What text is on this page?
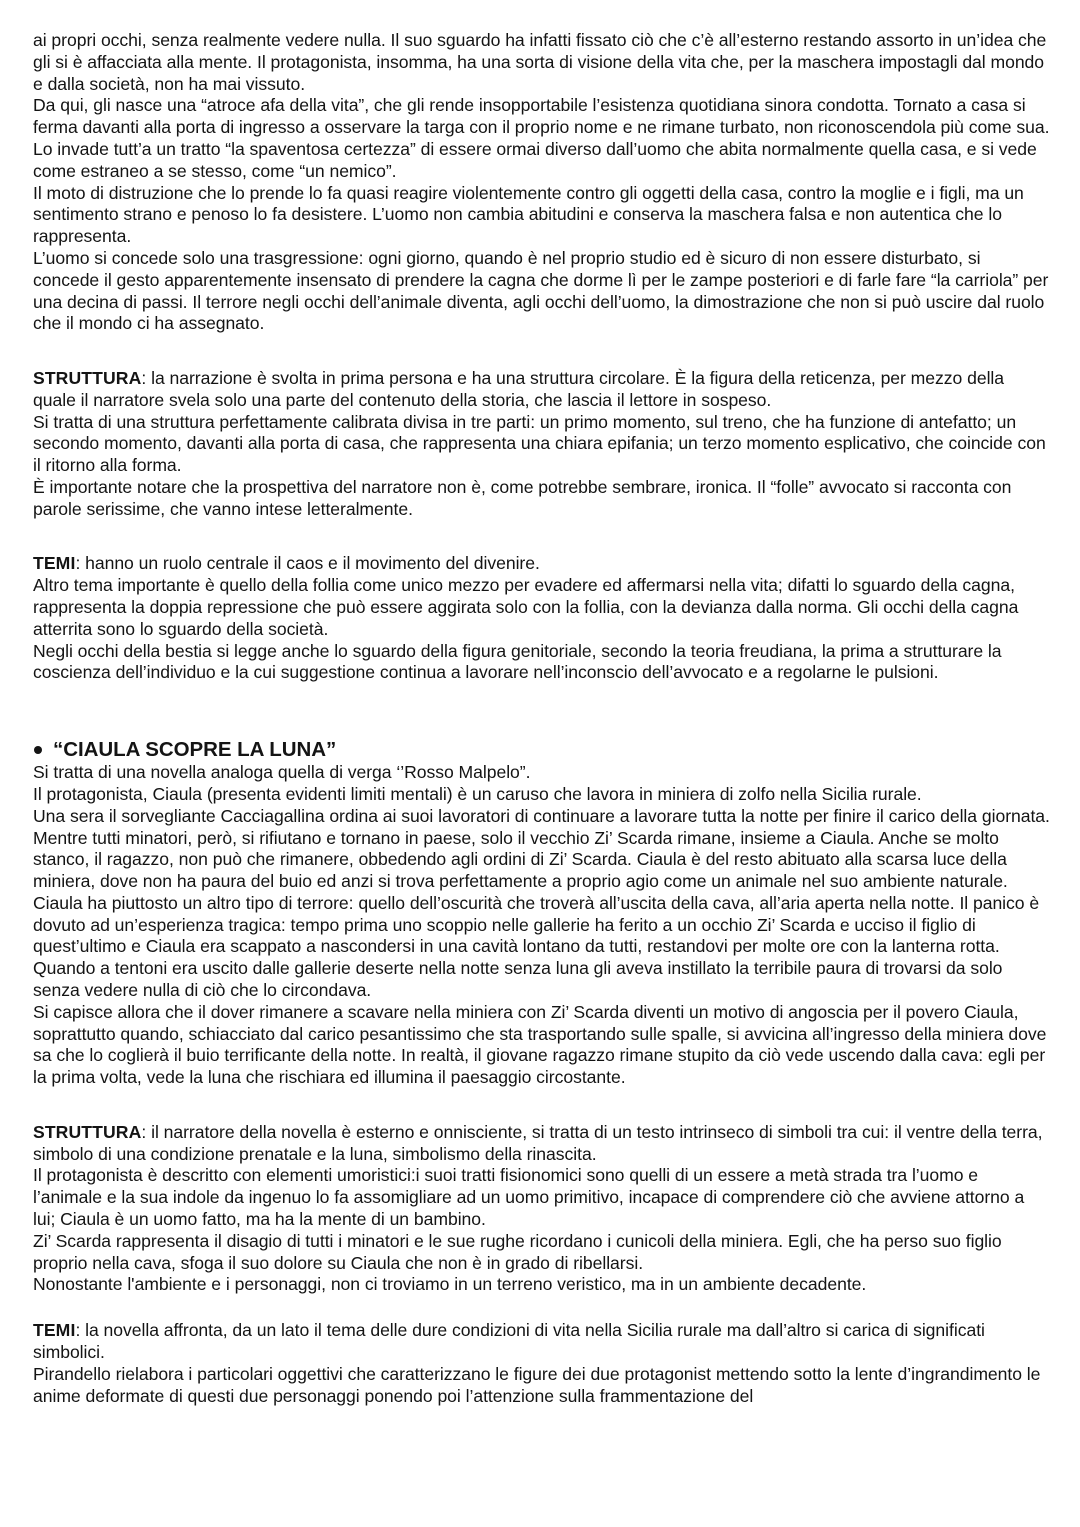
ai propri occhi, senza realmente vedere nulla. Il suo sguardo ha infatti fissato ciò che c’è all’esterno restando assorto in un’idea che gli si è affacciata alla mente. Il protagonista, insomma, ha una sorta di visione della vita che, per la maschera impostagli dal mondo e dalla società, non ha mai vissuto.

Da qui, gli nasce una “atroce afa della vita”, che gli rende insopportabile l’esistenza quotidiana sinora condotta. Tornato a casa si ferma davanti alla porta di ingresso a osservare la targa con il proprio nome e ne rimane turbato, non riconoscendola più come sua. Lo invade tutt’a un tratto “la spaventosa certezza” di essere ormai diverso dall’uomo che abita normalmente quella casa, e si vede come estraneo a se stesso, come “un nemico”.

Il moto di distruzione che lo prende lo fa quasi reagire violentemente contro gli oggetti della casa, contro la moglie e i figli, ma un sentimento strano e penoso lo fa desistere. L’uomo non cambia abitudini e conserva la maschera falsa e non autentica che lo rappresenta.

L’uomo si concede solo una trasgressione: ogni giorno, quando è nel proprio studio ed è sicuro di non essere disturbato, si concede il gesto apparentemente insensato di prendere la cagna che dorme lì per le zampe posteriori e di farle fare “la carriola” per una decina di passi. Il terrore negli occhi dell’animale diventa, agli occhi dell’uomo, la dimostrazione che non si può uscire dal ruolo che il mondo ci ha assegnato.

STRUTTURA: la narrazione è svolta in prima persona e ha una struttura circolare. È la figura della reticenza, per mezzo della quale il narratore svela solo una parte del contenuto della storia, che lascia il lettore in sospeso.

Si tratta di una struttura perfettamente calibrata divisa in tre parti: un primo momento, sul treno, che ha funzione di antefatto; un secondo momento, davanti alla porta di casa, che rappresenta una chiara epifania; un terzo momento esplicativo, che coincide con il ritorno alla forma.

È importante notare che la prospettiva del narratore non è, come potrebbe sembrare, ironica. Il “folle” avvocato si racconta con parole serissime, che vanno intese letteralmente.

TEMI: hanno un ruolo centrale il caos e il movimento del divenire.

Altro tema importante è quello della follia come unico mezzo per evadere ed affermarsi nella vita; difatti lo sguardo della cagna, rappresenta la doppia repressione che può essere aggirata solo con la follia, con la devianza dalla norma. Gli occhi della cagna atterrita sono lo sguardo della società.

Negli occhi della bestia si legge anche lo sguardo della figura genitoriale, secondo la teoria freudiana, la prima a strutturare la coscienza dell’individuo e la cui suggestione continua a lavorare nell’inconscio dell’avvocato e a regolarne le pulsioni.

“CIAULA SCOPRE LA LUNA”

Si tratta di una novella analoga quella di verga ‘’Rosso Malpelo”.

Il protagonista, Ciaula (presenta evidenti limiti mentali) è un caruso che lavora in miniera di zolfo nella Sicilia rurale.

Una sera il sorvegliante Cacciagallina ordina ai suoi lavoratori di continuare a lavorare tutta la notte per finire il carico della giornata. Mentre tutti minatori, però, si rifiutano e tornano in paese, solo il vecchio Zi’ Scarda rimane, insieme a Ciaula. Anche se molto stanco, il ragazzo, non può che rimanere, obbedendo agli ordini di Zi’ Scarda. Ciaula è del resto abituato alla scarsa luce della miniera, dove non ha paura del buio ed anzi si trova perfettamente a proprio agio come un animale nel suo ambiente naturale.

Ciaula ha piuttosto un altro tipo di terrore: quello dell’oscurità che troverà all’uscita della cava, all’aria aperta nella notte. Il panico è dovuto ad un’esperienza tragica: tempo prima uno scoppio nelle gallerie ha ferito a un occhio Zi’ Scarda e ucciso il figlio di quest’ultimo e Ciaula era scappato a nascondersi in una cavità lontano da tutti, restandovi per molte ore con la lanterna rotta. Quando a tentoni era uscito dalle gallerie deserte nella notte senza luna gli aveva instillato la terribile paura di trovarsi da solo senza vedere nulla di ciò che lo circondava.

Si capisce allora che il dover rimanere a scavare nella miniera con Zi’ Scarda diventi un motivo di angoscia per il povero Ciaula, soprattutto quando, schiacciato dal carico pesantissimo che sta trasportando sulle spalle, si avvicina all’ingresso della miniera dove sa che lo coglierà il buio terrificante della notte. In realtà, il giovane ragazzo rimane stupito da ciò vede uscendo dalla cava: egli per la prima volta, vede la luna che rischiara ed illumina il paesaggio circostante.

STRUTTURA: il narratore della novella è esterno e onnisciente, si tratta di un testo intrinseco di simboli tra cui: il ventre della terra, simbolo di una condizione prenatale e la luna, simbolismo della rinascita.

Il protagonista è descritto con elementi umoristici:i suoi tratti fisionomici sono quelli di un essere a metà strada tra l’uomo e l’animale e la sua indole da ingenuo lo fa assomigliare ad un uomo primitivo, incapace di comprendere ciò che avviene attorno a lui; Ciaula è un uomo fatto, ma ha la mente di un bambino.

Zi’ Scarda rappresenta il disagio di tutti i minatori e le sue rughe ricordano i cunicoli della miniera. Egli, che ha perso suo figlio proprio nella cava, sfoga il suo dolore su Ciaula che non è in grado di ribellarsi.

Nonostante l'ambiente e i personaggi, non ci troviamo in un terreno veristico, ma in un ambiente decadente.

TEMI: la novella affronta, da un lato il tema delle dure condizioni di vita nella Sicilia rurale ma dall’altro si carica di significati simbolici.

Pirandello rielabora i particolari oggettivi che caratterizzano le figure dei due protagonist mettendo sotto la lente d’ingrandimento le anime deformate di questi due personaggi ponendo poi l’attenzione sulla frammentazione del
